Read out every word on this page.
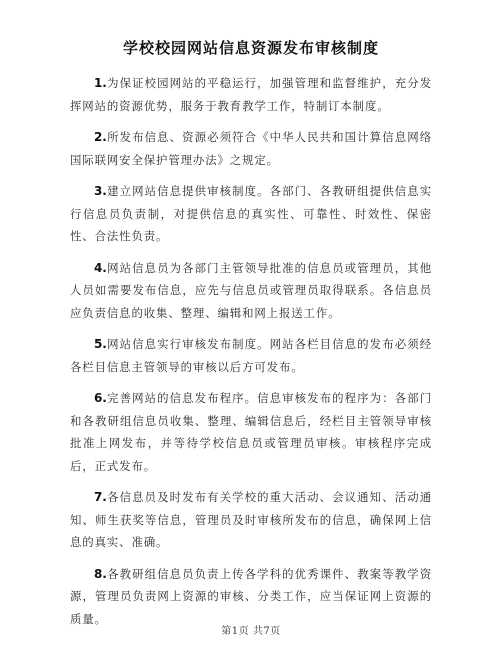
学校校园网站信息资源发布审核制度

1.为保证校园网站的平稳运行，加强管理和监督维护，充分发挥网站的资源优势，服务于教育教学工作，特制订本制度。

2.所发布信息、资源必须符合《中华人民共和国计算信息网络国际联网安全保护管理办法》之规定。

3.建立网站信息提供审核制度。各部门、各教研组提供信息实行信息员负责制，对提供信息的真实性、可靠性、时效性、保密性、合法性负责。

4.网站信息员为各部门主管领导批准的信息员或管理员，其他人员如需要发布信息，应先与信息员或管理员取得联系。各信息员应负责信息的收集、整理、编辑和网上报送工作。

5.网站信息实行审核发布制度。网站各栏目信息的发布必须经各栏目信息主管领导的审核以后方可发布。

6.完善网站的信息发布程序。信息审核发布的程序为：各部门和各教研组信息员收集、整理、编辑信息后，经栏目主管领导审核批准上网发布，并等待学校信息员或管理员审核。审核程序完成后，正式发布。

7.各信息员及时发布有关学校的重大活动、会议通知、活动通知、师生获奖等信息，管理员及时审核所发布的信息，确保网上信息的真实、准确。

8.各教研组信息员负责上传各学科的优秀课件、教案等教学资源，管理员负责网上资源的审核、分类工作，应当保证网上资源的质量。

第1页 共7页
